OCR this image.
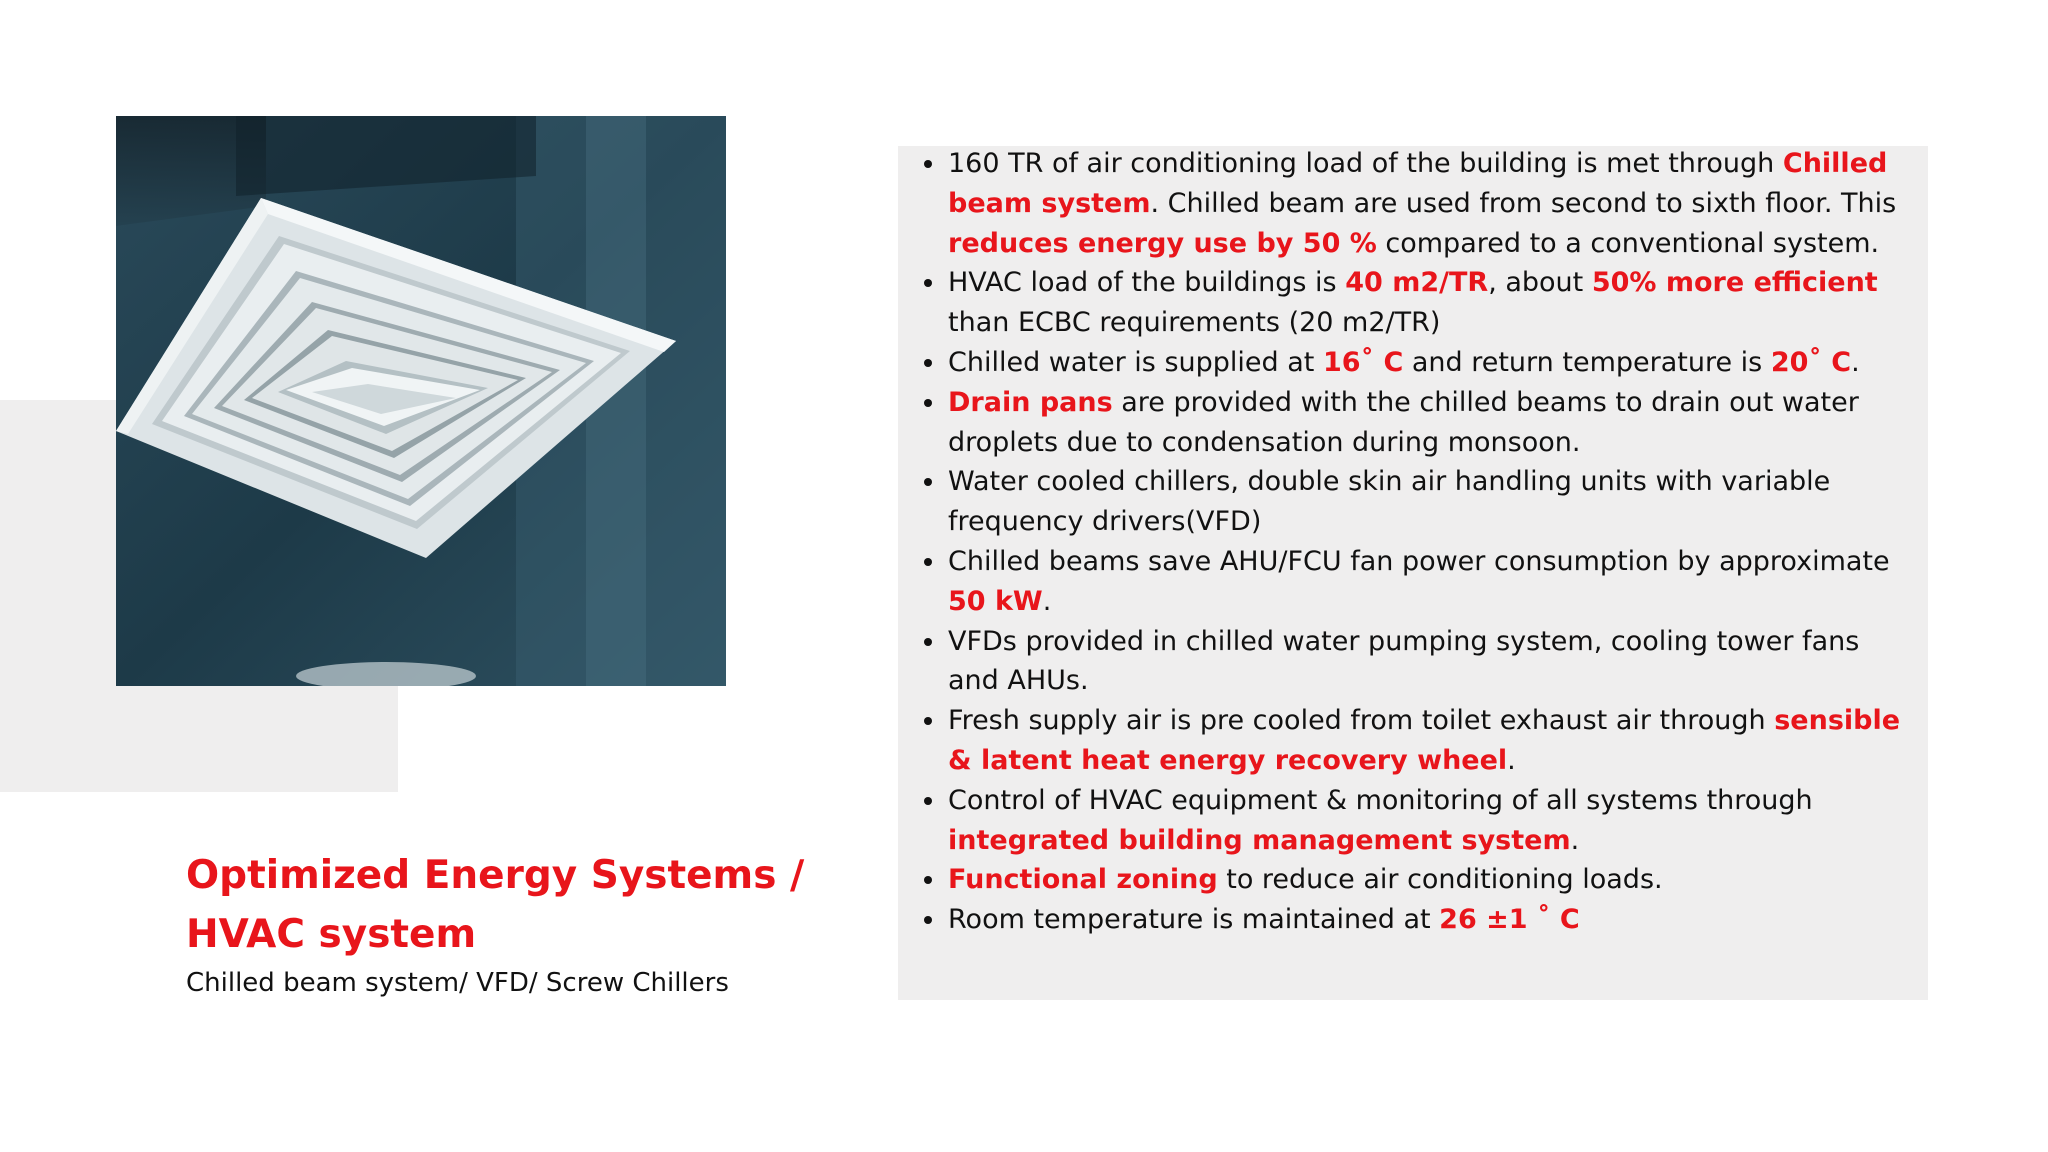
Optimized Energy Systems /
HVAC system

Chilled beam system/ VFD/ Screw Chillers

160 TR of air conditioning load of the building is met through Chilled beam system. Chilled beam are used from second to sixth floor. This reduces energy use by 50 % compared to a conventional system.
HVAC load of the buildings is 40 m2/TR, about 50% more efficient than ECBC requirements (20 m2/TR)
Chilled water is supplied at 16˚ C and return temperature is 20˚ C.
Drain pans are provided with the chilled beams to drain out water droplets due to condensation during monsoon.
Water cooled chillers, double skin air handling units with variable frequency drivers(VFD)
Chilled beams save AHU/FCU fan power consumption by approximate 50 kW.
VFDs provided in chilled water pumping system, cooling tower fans and AHUs.
Fresh supply air is pre cooled from toilet exhaust air through sensible & latent heat energy recovery wheel.
Control of HVAC equipment & monitoring of all systems through integrated building management system.
Functional zoning to reduce air conditioning loads.
Room temperature is maintained at 26 ±1 ˚ C
